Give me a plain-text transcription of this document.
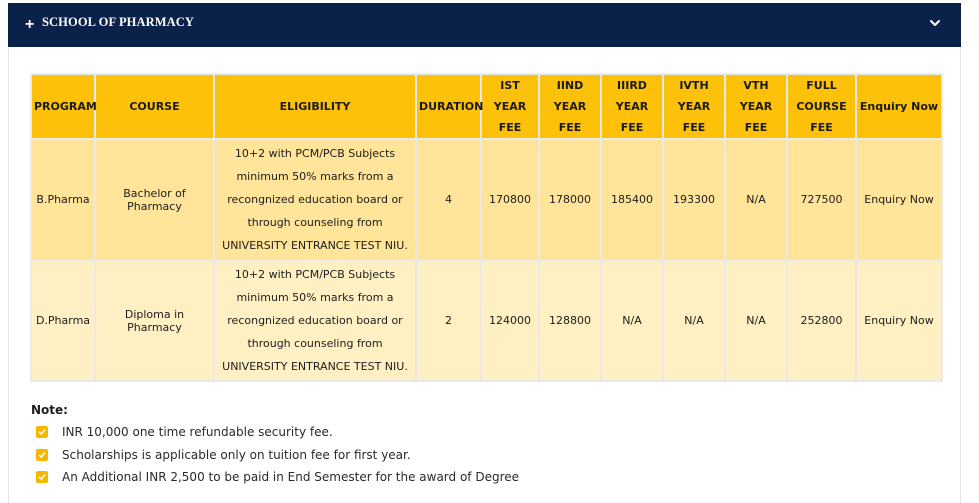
+ SCHOOL OF PHARMACY
PROGRAM	COURSE	ELIGIBILITY	DURATION	IST YEAR FEE	IIND YEAR FEE	IIIRD YEAR FEE	IVTH YEAR FEE	VTH YEAR FEE	FULL COURSE FEE	Enquiry Now
B.Pharma	Bachelor of Pharmacy	10+2 with PCM/PCB Subjects minimum 50% marks from a recongnized education board or through counseling from UNIVERSITY ENTRANCE TEST NIU.	4	170800	178000	185400	193300	N/A	727500	Enquiry Now
D.Pharma	Diploma in Pharmacy	10+2 with PCM/PCB Subjects minimum 50% marks from a recongnized education board or through counseling from UNIVERSITY ENTRANCE TEST NIU.	2	124000	128800	N/A	N/A	N/A	252800	Enquiry Now
Note:
INR 10,000 one time refundable security fee.
Scholarships is applicable only on tuition fee for first year.
An Additional INR 2,500 to be paid in End Semester for the award of Degree
